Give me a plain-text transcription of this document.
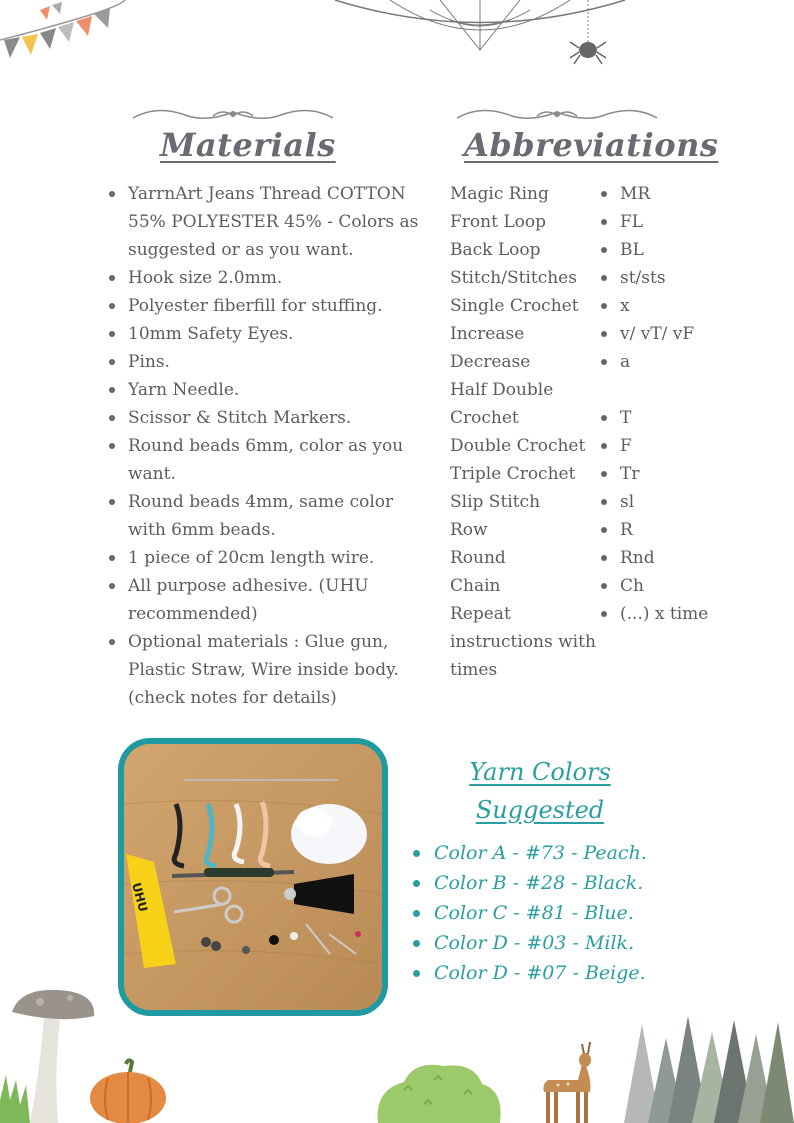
Materials
YarrnArt Jeans Thread COTTON 55% POLYESTER 45% - Colors as suggested or as you want.
Hook size 2.0mm.
Polyester fiberfill for stuffing.
10mm Safety Eyes.
Pins.
Yarn Needle.
Scissor & Stitch Markers.
Round beads 6mm, color as you want.
Round beads 4mm, same color with 6mm beads.
1 piece of 20cm length wire.
All purpose adhesive. (UHU recommended)
Optional materials : Glue gun, Plastic Straw, Wire inside body. (check notes for details)
Abbreviations
Magic Ring
Front Loop
Back Loop
Stitch/Stitches
Single Crochet
Increase
Decrease
Half Double
Crochet
Double Crochet
Triple Crochet
Slip Stitch
Row
Round
Chain
Repeat
instructions with
times
MR
FL
BL
st/sts
x
v/ vT/ vF
a
T
F
Tr
sl
R
Rnd
Ch
(...) x time
UHU
Yarn Colors
Suggested
Color A - #73 - Peach.
Color B - #28 - Black.
Color C - #81 - Blue.
Color D - #03 - Milk.
Color D - #07 - Beige.
